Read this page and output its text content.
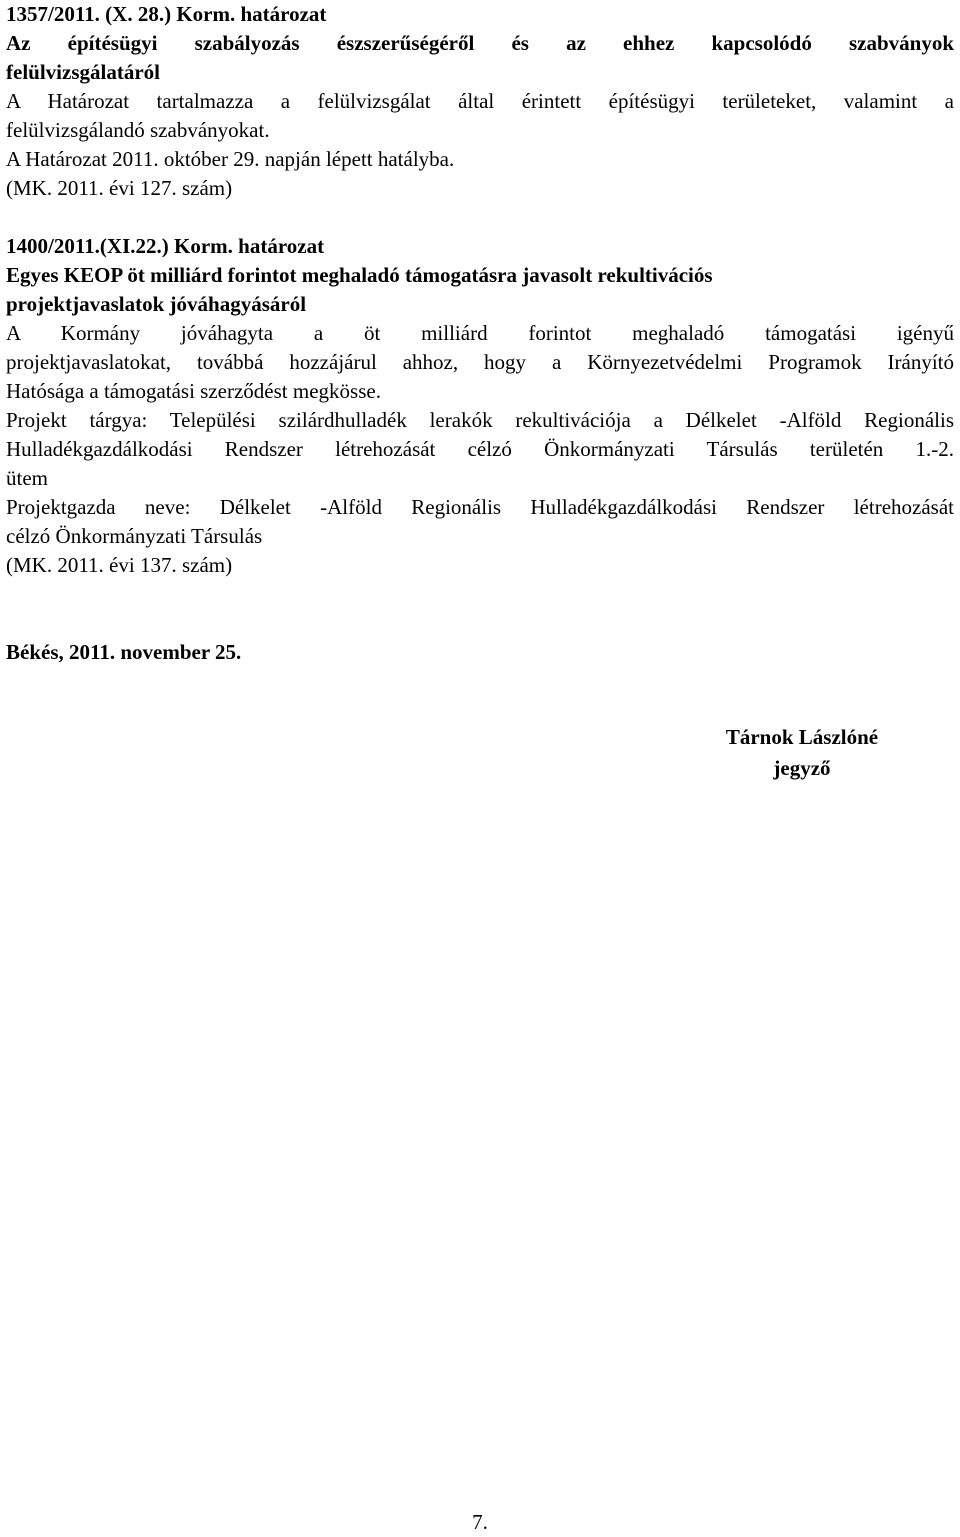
1357/2011. (X. 28.) Korm. határozat
Az építésügyi szabályozás észszerűségéről és az ehhez kapcsolódó szabványok
felülvizsgálatáról
A Határozat tartalmazza a felülvizsgálat által érintett építésügyi területeket, valamint a
felülvizsgálandó szabványokat.
A Határozat 2011. október 29. napján lépett hatályba.
(MK. 2011. évi 127. szám)
1400/2011.(XI.22.) Korm. határozat
Egyes KEOP öt milliárd forintot meghaladó támogatásra javasolt rekultivációs
projektjavaslatok jóváhagyásáról
A Kormány jóváhagyta a öt milliárd forintot meghaladó támogatási igényű
projektjavaslatokat, továbbá hozzájárul ahhoz, hogy a Környezetvédelmi Programok Irányító
Hatósága a támogatási szerződést megkösse.
Projekt tárgya: Települési szilárdhulladék lerakók rekultivációja a Délkelet -Alföld Regionális
Hulladékgazdálkodási Rendszer létrehozását célzó Önkormányzati Társulás területén 1.-2.
ütem
Projektgazda neve: Délkelet -Alföld Regionális Hulladékgazdálkodási Rendszer létrehozását
célzó Önkormányzati Társulás
(MK. 2011. évi 137. szám)
Békés, 2011. november 25.
Tárnok Lászlóné
jegyző
7.
